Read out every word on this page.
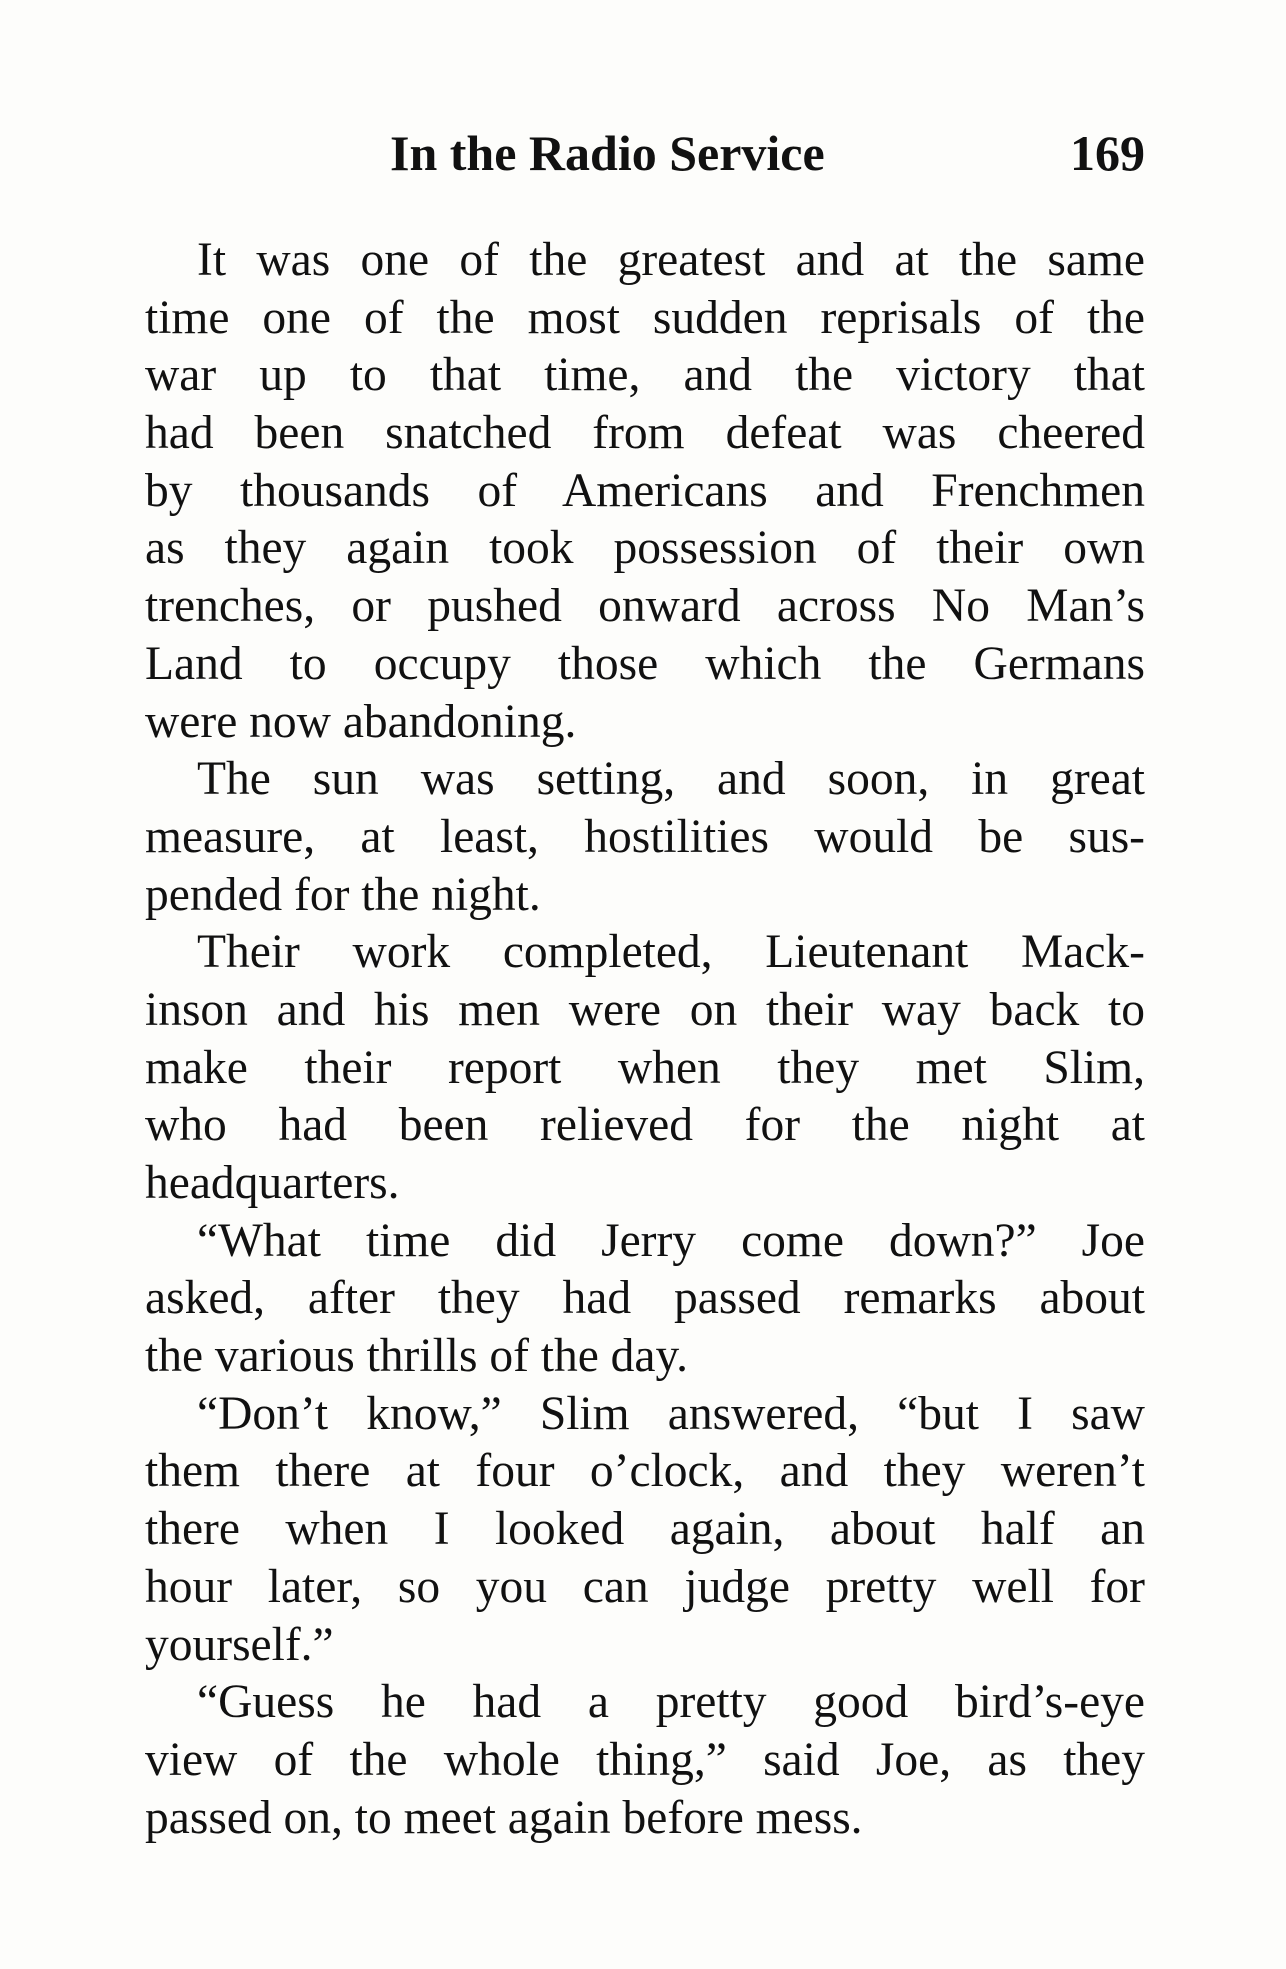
In the Radio Service	169
It was one of the greatest and at the same
time one of the most sudden reprisals of the
war up to that time, and the victory that
had been snatched from defeat was cheered
by thousands of Americans and Frenchmen
as they again took possession of their own
trenches, or pushed onward across No Man’s
Land to occupy those which the Germans
were now abandoning.
The sun was setting, and soon, in great
measure, at least, hostilities would be sus-
pended for the night.
Their work completed, Lieutenant Mack-
inson and his men were on their way back to
make their report when they met Slim,
who had been relieved for the night at
headquarters.
“What time did Jerry come down?” Joe
asked, after they had passed remarks about
the various thrills of the day.
“Don’t know,” Slim answered, “but I saw
them there at four o’clock, and they weren’t
there when I looked again, about half an
hour later, so you can judge pretty well for
yourself.”
“Guess he had a pretty good bird’s-eye
view of the whole thing,” said Joe, as they
passed on, to meet again before mess.
